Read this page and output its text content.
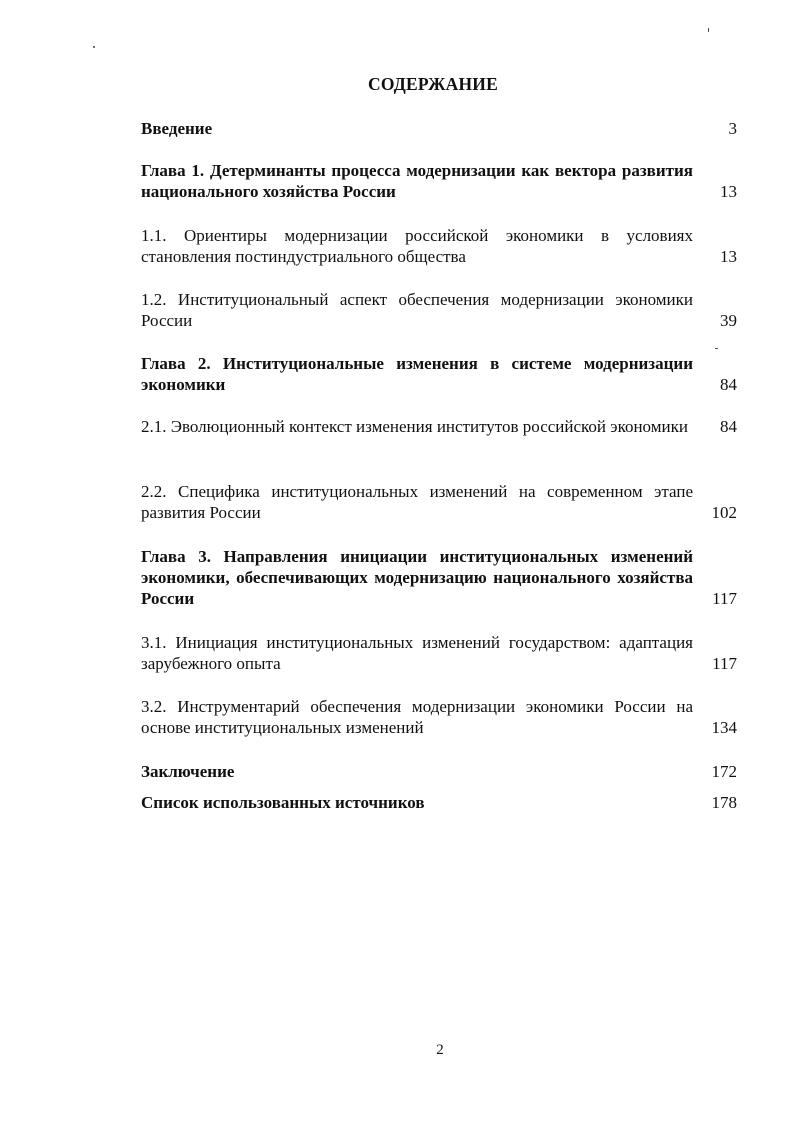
СОДЕРЖАНИЕ
Введение	3
Глава 1. Детерминанты процесса модернизации как вектора развития национального хозяйства России	13
1.1. Ориентиры модернизации российской экономики в условиях становления постиндустриального общества	13
1.2. Институциональный аспект обеспечения модернизации экономики России	39
Глава 2. Институциональные изменения в системе модернизации экономики	84
2.1. Эволюционный контекст изменения институтов российской экономики 84
2.2. Специфика институциональных изменений на современном этапе развития России	102
Глава 3. Направления инициации институциональных изменений экономики, обеспечивающих модернизацию национального хозяйства России	117
3.1. Инициация институциональных изменений государством: адаптация зарубежного опыта	117
3.2. Инструментарий обеспечения модернизации экономики России на основе институциональных изменений	134
Заключение	172
Список использованных источников	178
2
